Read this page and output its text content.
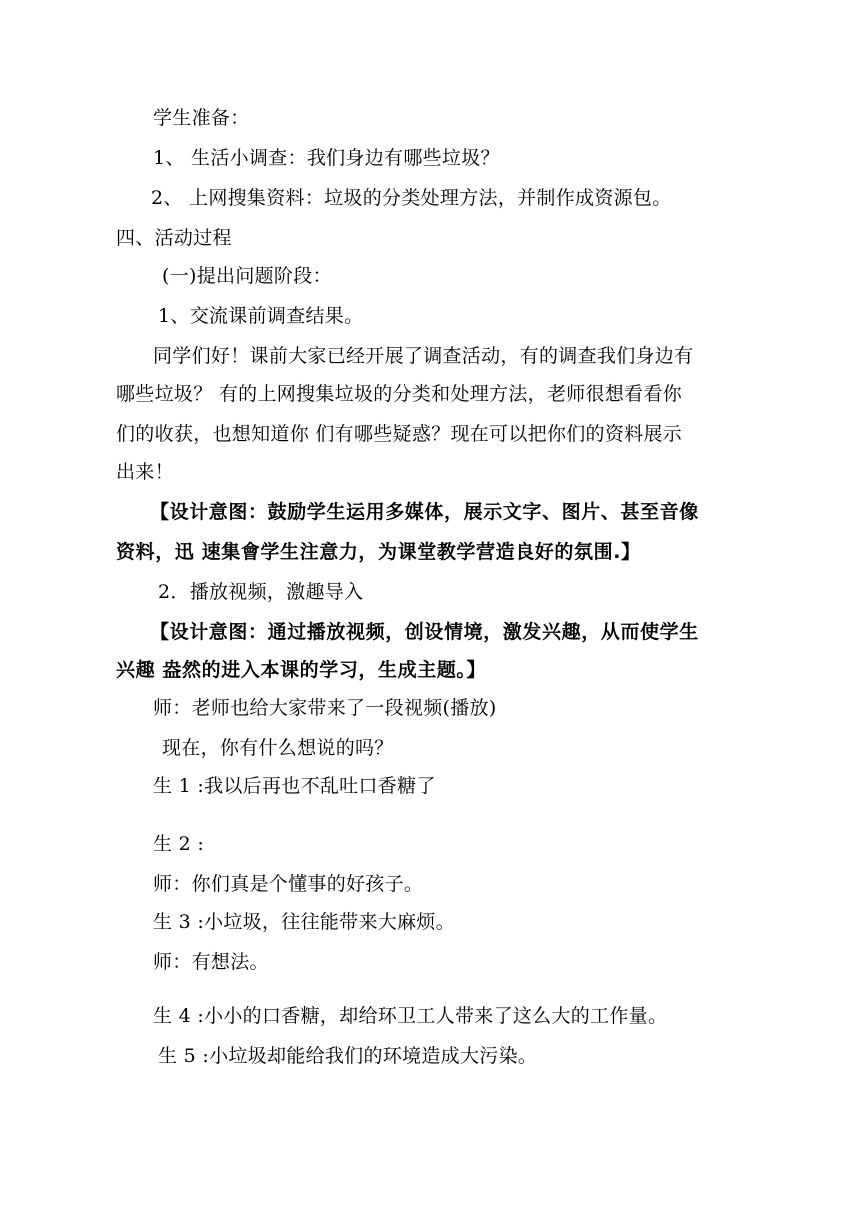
学生准备：
1、 生活小调查：我们身边有哪些垃圾？
2、 上网搜集资料：垃圾的分类处理方法，并制作成资源包。
四、活动过程
(一)提出问题阶段：
1、交流课前调查结果。
同学们好！课前大家已经开展了调查活动，有的调查我们身边有
哪些垃圾？ 有的上网搜集垃圾的分类和处理方法，老师很想看看你
们的收获，也想知道你 们有哪些疑惑？现在可以把你们的资料展示
出来！
【设计意图：鼓励学生运用多媒体，展示文字、图片、甚至音像
资料，迅 速集會学生注意力，为课堂教学营造良好的氛围.】
2．播放视频，激趣导入
【设计意图：通过播放视频，创设情境，激发兴趣，从而使学生
兴趣 盎然的进入本课的学习，生成主题。】
师：老师也给大家带来了一段视频(播放)
现在，你有什么想说的吗？
生 1 :我以后再也不乱吐口香糖了
生 2 :
师：你们真是个懂事的好孩子。
生 3 :小垃圾，往往能带来大麻烦。
师：有想法。
生 4 :小小的口香糖，却给环卫工人带来了这么大的工作量。
生 5 :小垃圾却能给我们的环境造成大污染。
